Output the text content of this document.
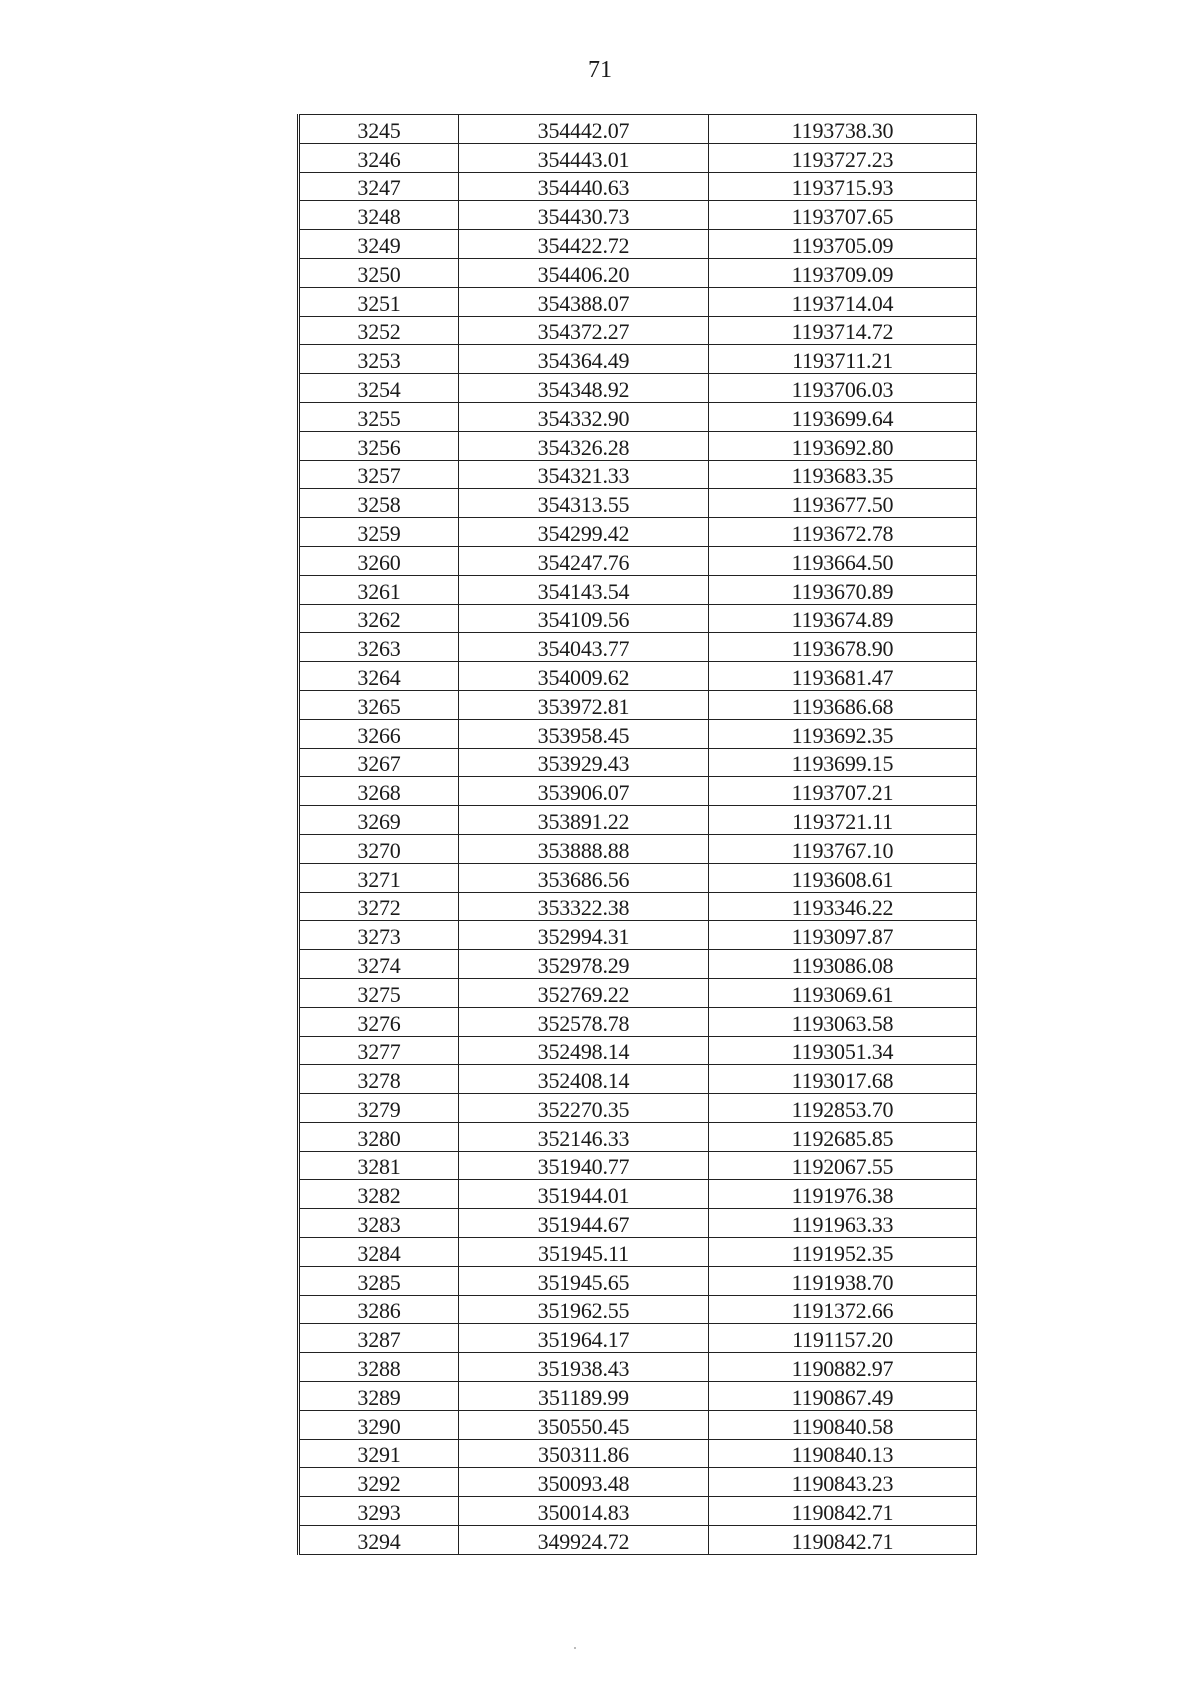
71
3245	354442.07	1193738.30
3246	354443.01	1193727.23
3247	354440.63	1193715.93
3248	354430.73	1193707.65
3249	354422.72	1193705.09
3250	354406.20	1193709.09
3251	354388.07	1193714.04
3252	354372.27	1193714.72
3253	354364.49	1193711.21
3254	354348.92	1193706.03
3255	354332.90	1193699.64
3256	354326.28	1193692.80
3257	354321.33	1193683.35
3258	354313.55	1193677.50
3259	354299.42	1193672.78
3260	354247.76	1193664.50
3261	354143.54	1193670.89
3262	354109.56	1193674.89
3263	354043.77	1193678.90
3264	354009.62	1193681.47
3265	353972.81	1193686.68
3266	353958.45	1193692.35
3267	353929.43	1193699.15
3268	353906.07	1193707.21
3269	353891.22	1193721.11
3270	353888.88	1193767.10
3271	353686.56	1193608.61
3272	353322.38	1193346.22
3273	352994.31	1193097.87
3274	352978.29	1193086.08
3275	352769.22	1193069.61
3276	352578.78	1193063.58
3277	352498.14	1193051.34
3278	352408.14	1193017.68
3279	352270.35	1192853.70
3280	352146.33	1192685.85
3281	351940.77	1192067.55
3282	351944.01	1191976.38
3283	351944.67	1191963.33
3284	351945.11	1191952.35
3285	351945.65	1191938.70
3286	351962.55	1191372.66
3287	351964.17	1191157.20
3288	351938.43	1190882.97
3289	351189.99	1190867.49
3290	350550.45	1190840.58
3291	350311.86	1190840.13
3292	350093.48	1190843.23
3293	350014.83	1190842.71
3294	349924.72	1190842.71
